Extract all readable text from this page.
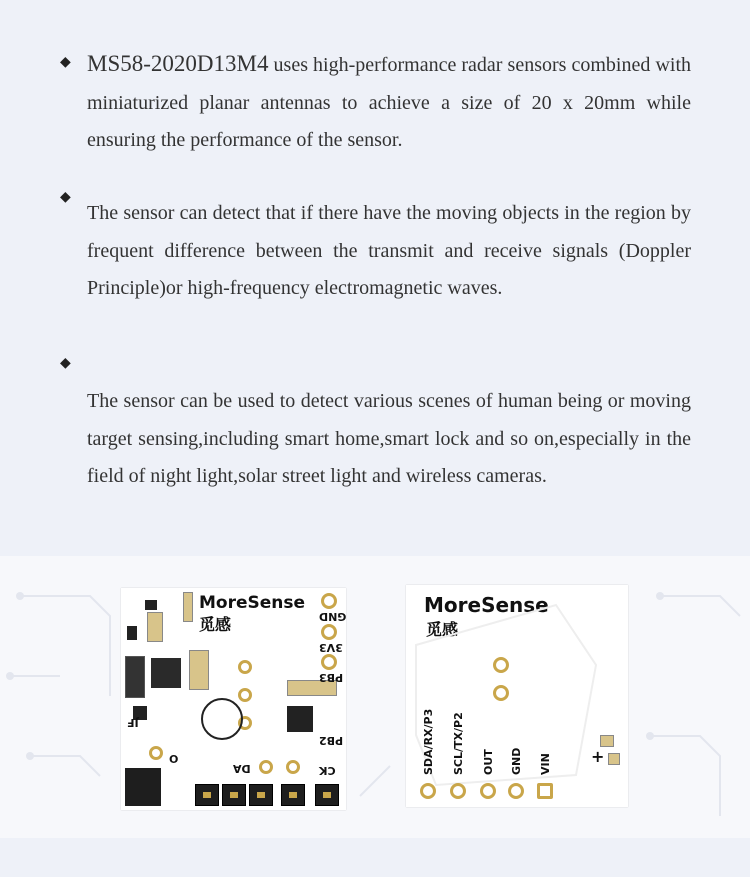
◆ MS58-2020D13M4 uses high-performance radar sensors combined with miniaturized planar antennas to achieve a size of 20 x 20mm while ensuring the performance of the sensor.

◆

The sensor can detect that if there have the moving objects in the region by frequent difference between the transmit and receive signals (Doppler Principle)or high-frequency electromagnetic waves.

◆

The sensor can be used to detect various scenes of human being or moving target sensing,including smart home,smart lock and so on,especially in the field of night light,solar street light and wireless cameras.

MoreSense
觅感	GND
3V3
PB3
PB2
JF
O
DA	CK
MoreSense
觅感
SDA/RX/P3 SCL/TX/P2 OUT GND VIN +
